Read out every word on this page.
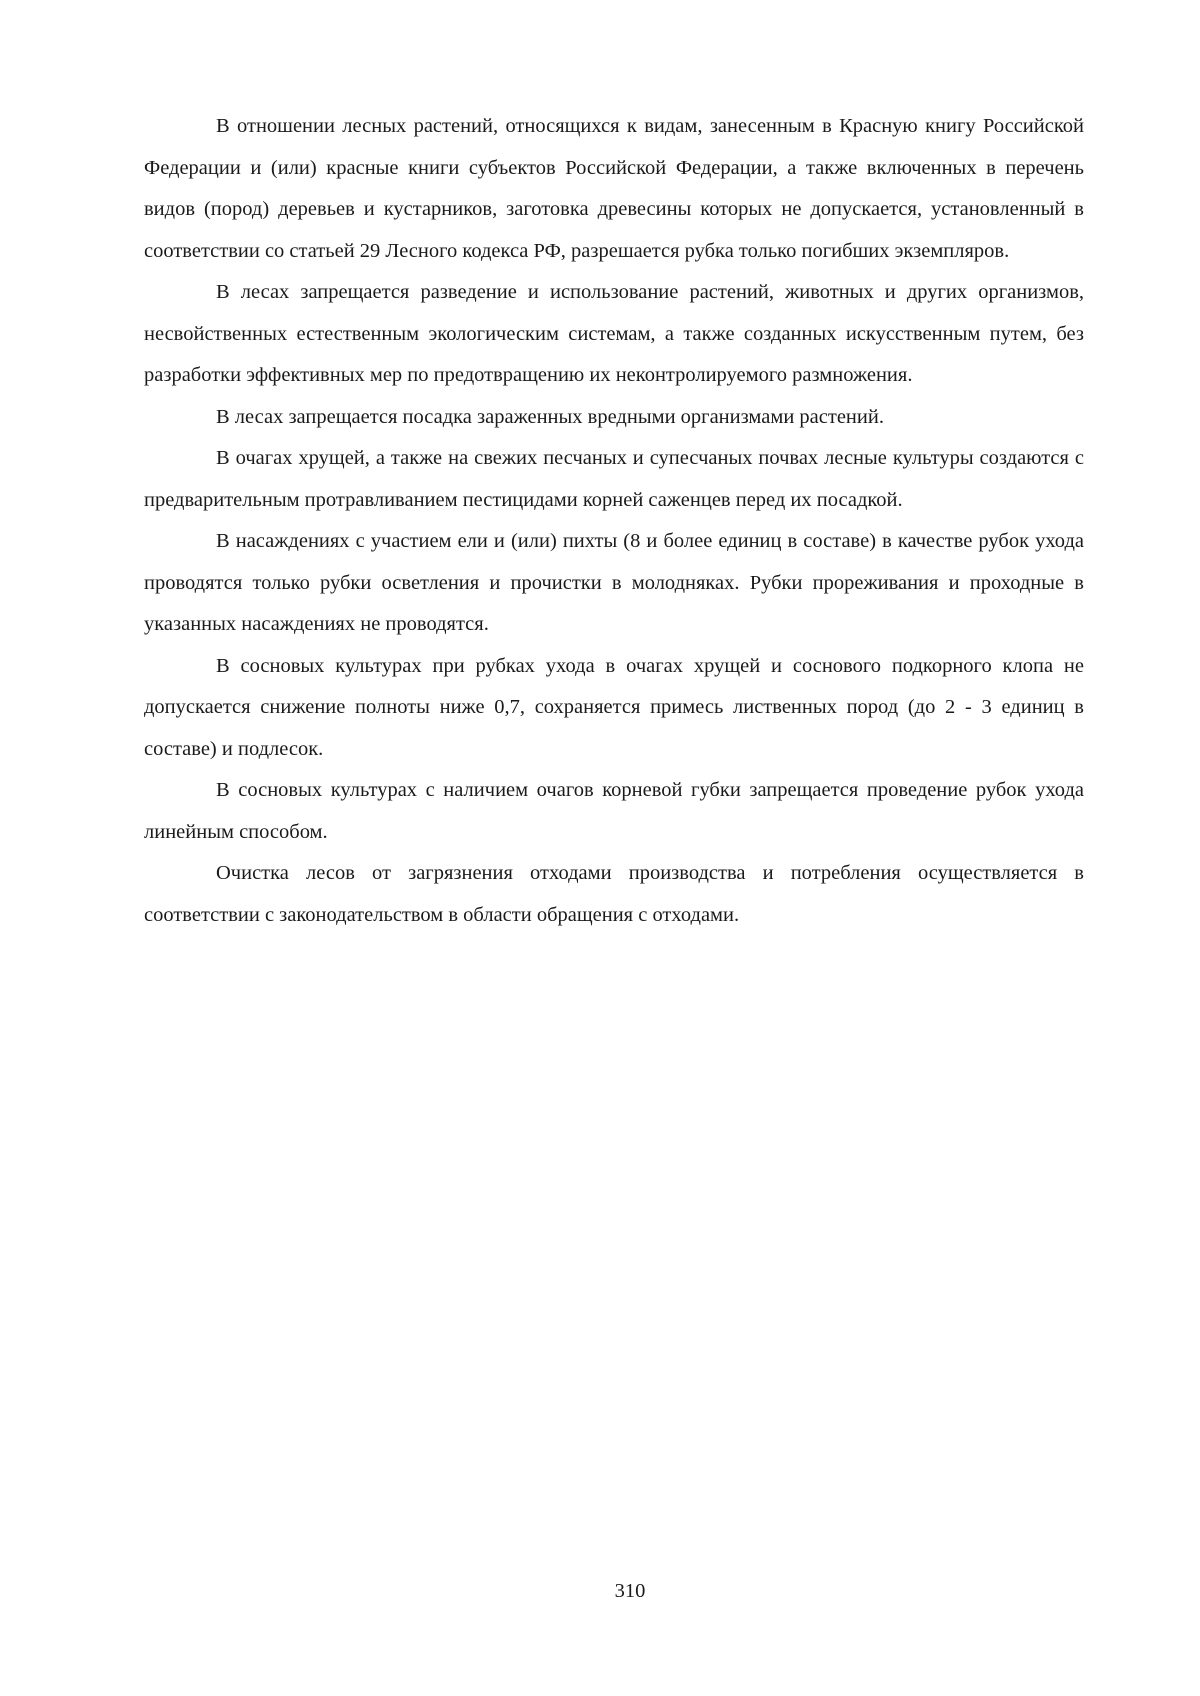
В отношении лесных растений, относящихся к видам, занесенным в Красную книгу Российской Федерации и (или) красные книги субъектов Российской Федерации, а также включенных в перечень видов (пород) деревьев и кустарников, заготовка древесины которых не допускается, установленный в соответствии со статьей 29 Лесного кодекса РФ, разрешается рубка только погибших экземпляров.

В лесах запрещается разведение и использование растений, животных и других организмов, несвойственных естественным экологическим системам, а также созданных искусственным путем, без разработки эффективных мер по предотвращению их неконтролируемого размножения.

В лесах запрещается посадка зараженных вредными организмами растений.

В очагах хрущей, а также на свежих песчаных и супесчаных почвах лесные культуры создаются с предварительным протравливанием пестицидами корней саженцев перед их посадкой.

В насаждениях с участием ели и (или) пихты (8 и более единиц в составе) в качестве рубок ухода проводятся только рубки осветления и прочистки в молодняках. Рубки прореживания и проходные в указанных насаждениях не проводятся.

В сосновых культурах при рубках ухода в очагах хрущей и соснового подкорного клопа не допускается снижение полноты ниже 0,7, сохраняется примесь лиственных пород (до 2 - 3 единиц в составе) и подлесок.

В сосновых культурах с наличием очагов корневой губки запрещается проведение рубок ухода линейным способом.

Очистка лесов от загрязнения отходами производства и потребления осуществляется в соответствии с законодательством в области обращения с отходами.

310
